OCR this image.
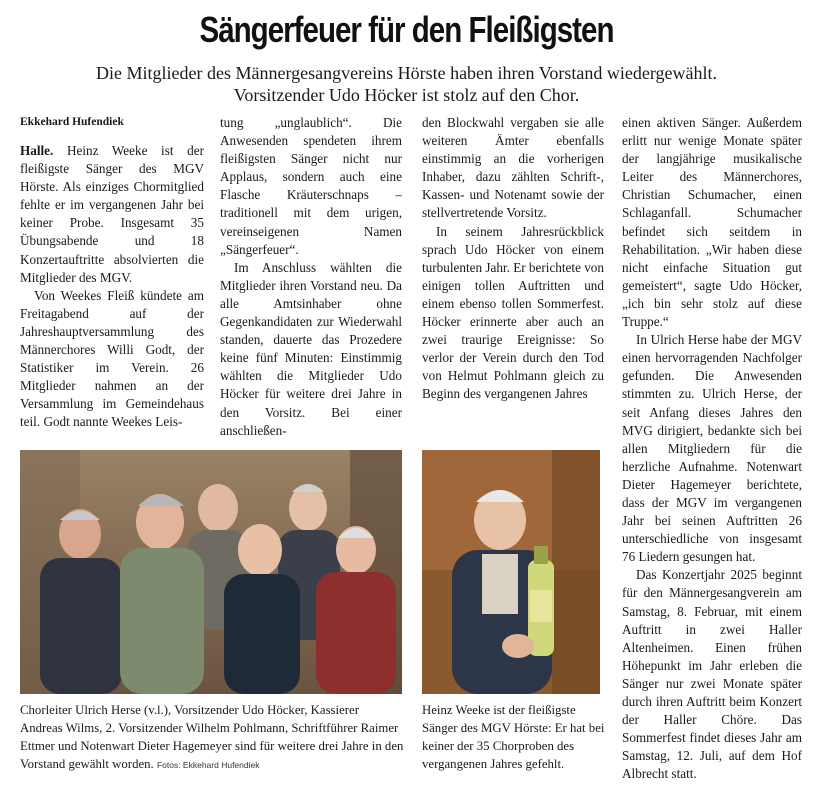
Sängerfeuer für den Fleißigsten
Die Mitglieder des Männergesangvereins Hörste haben ihren Vorstand wiedergewählt.
Vorsitzender Udo Höcker ist stolz auf den Chor.
Ekkehard Hufendiek

Halle. Heinz Weeke ist der fleißigste Sänger des MGV Hörste. Als einziges Chormitglied fehlte er im vergangenen Jahr bei keiner Probe. Insgesamt 35 Übungsabende und 18 Konzertauftritte absolvierten die Mitglieder des MGV.

Von Weekes Fleiß kündete am Freitagabend auf der Jahreshauptversammlung des Männerchores Willi Godt, der Statistiker im Verein. 26 Mitglieder nahmen an der Versammlung im Gemeindehaus teil. Godt nannte Weekes Leis-

tung „unglaublich“. Die Anwesenden spendeten ihrem fleißigsten Sänger nicht nur Applaus, sondern auch eine Flasche Kräuterschnaps – traditionell mit dem urigen, vereinseigenen Namen „Sängerfeuer“.

Im Anschluss wählten die Mitglieder ihren Vorstand neu. Da alle Amtsinhaber ohne Gegenkandidaten zur Wiederwahl standen, dauerte das Prozedere keine fünf Minuten: Einstimmig wählten die Mitglieder Udo Höcker für weitere drei Jahre in den Vorsitz. Bei einer anschließen-

den Blockwahl vergaben sie alle weiteren Ämter ebenfalls einstimmig an die vorherigen Inhaber, dazu zählten Schrift-, Kassen- und Notenamt sowie der stellvertretende Vorsitz.

In seinem Jahresrückblick sprach Udo Höcker von einem turbulenten Jahr. Er berichtete von einigen tollen Auftritten und einem ebenso tollen Sommerfest. Höcker erinnerte aber auch an zwei traurige Ereignisse: So verlor der Verein durch den Tod von Helmut Pohlmann gleich zu Beginn des vergangenen Jahres

einen aktiven Sänger. Außerdem erlitt nur wenige Monate später der langjährige musikalische Leiter des Männerchores, Christian Schumacher, einen Schlaganfall. Schumacher befindet sich seitdem in Rehabilitation. „Wir haben diese nicht einfache Situation gut gemeistert“, sagte Udo Höcker, „ich bin sehr stolz auf diese Truppe.“

In Ulrich Herse habe der MGV einen hervorragenden Nachfolger gefunden. Die Anwesenden stimmten zu. Ulrich Herse, der seit Anfang dieses Jahres den MVG dirigiert, bedankte sich bei allen Mitgliedern für die herzliche Aufnahme. Notenwart Dieter Hagemeyer berichtete, dass der MGV im vergangenen Jahr bei seinen Auftritten 26 unterschiedliche von insgesamt 76 Liedern gesungen hat.

Das Konzertjahr 2025 beginnt für den Männergesangverein am Samstag, 8. Februar, mit einem Auftritt in zwei Haller Altenheimen. Einen frühen Höhepunkt im Jahr erleben die Sänger nur zwei Monate später durch ihren Auftritt beim Konzert der Haller Chöre. Das Sommerfest findet dieses Jahr am Samstag, 12. Juli, auf dem Hof Albrecht statt.

Chorleiter Ulrich Herse (v.l.), Vorsitzender Udo Höcker, Kassierer Andreas Wilms, 2. Vorsitzender Wilhelm Pohlmann, Schriftführer Raimer Ettmer und Notenwart Dieter Hagemeyer sind für weitere drei Jahre in den Vorstand gewählt worden. Fotos: Ekkehard Hufendiek
Heinz Weeke ist der fleißigste Sänger des MGV Hörste: Er hat bei keiner der 35 Chorproben des vergangenen Jahres gefehlt.
